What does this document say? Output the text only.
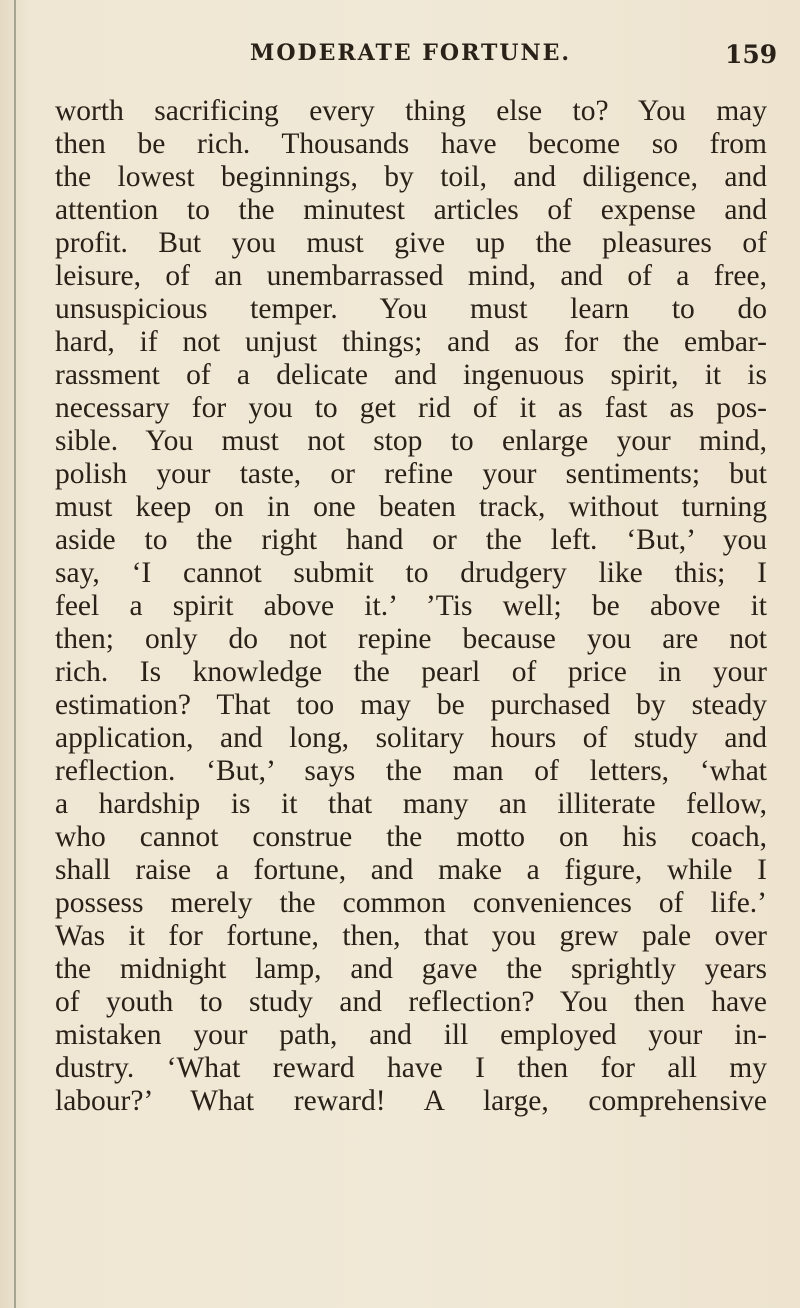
MODERATE FORTUNE.	159
worth sacrificing every thing else to? You may
then be rich. Thousands have become so from
the lowest beginnings, by toil, and diligence, and
attention to the minutest articles of expense and
profit. But you must give up the pleasures of
leisure, of an unembarrassed mind, and of a free,
unsuspicious temper. You must learn to do
hard, if not unjust things; and as for the embar-
rassment of a delicate and ingenuous spirit, it is
necessary for you to get rid of it as fast as pos-
sible. You must not stop to enlarge your mind,
polish your taste, or refine your sentiments; but
must keep on in one beaten track, without turning
aside to the right hand or the left. ‘But,’ you
say, ‘I cannot submit to drudgery like this; I
feel a spirit above it.’ ’Tis well; be above it
then; only do not repine because you are not
rich. Is knowledge the pearl of price in your
estimation? That too may be purchased by steady
application, and long, solitary hours of study and
reflection. ‘But,’ says the man of letters, ‘what
a hardship is it that many an illiterate fellow,
who cannot construe the motto on his coach,
shall raise a fortune, and make a figure, while I
possess merely the common conveniences of life.’
Was it for fortune, then, that you grew pale over
the midnight lamp, and gave the sprightly years
of youth to study and reflection? You then have
mistaken your path, and ill employed your in-
dustry. ‘What reward have I then for all my
labour?’ What reward! A large, comprehensive
